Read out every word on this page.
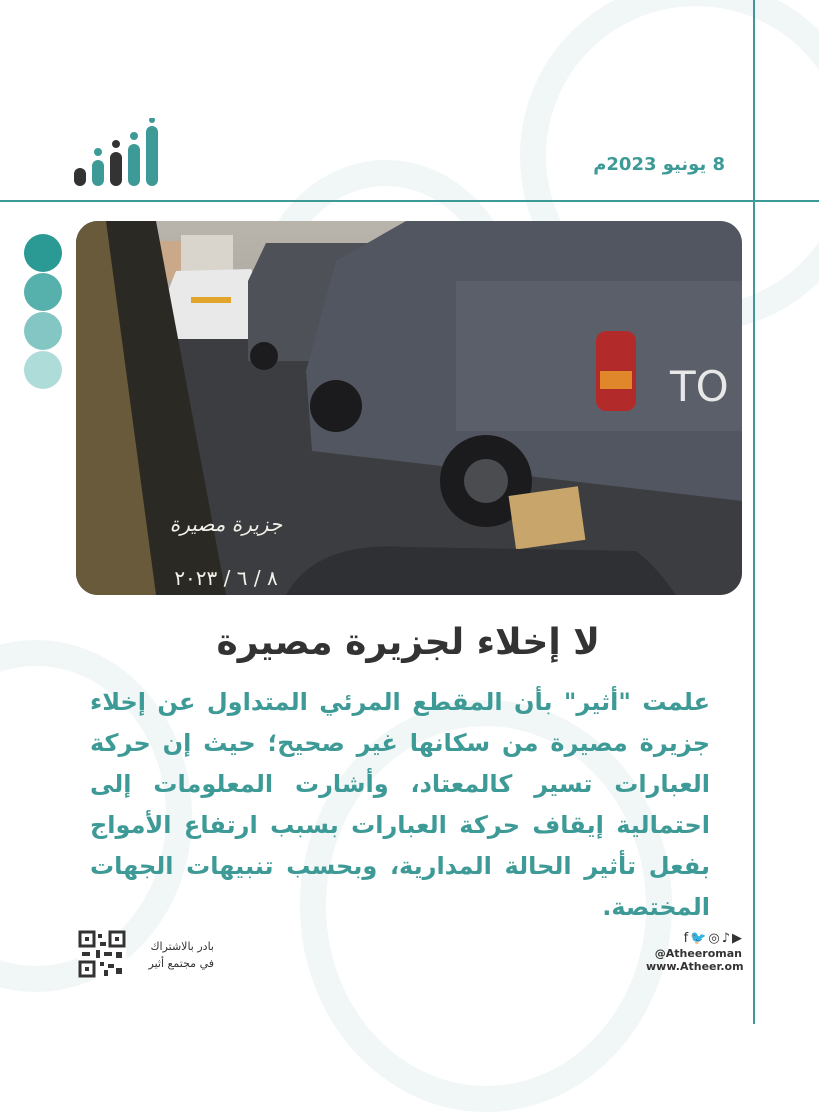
8 يونيو 2023م
TO
جزيرة مصيرة
٨ / ٦ / ٢٠٢٣
لا إخلاء لجزيرة مصيرة
علمت "أثير" بأن المقطع المرئي المتداول عن إخلاء جزيرة مصيرة من سكانها غير صحيح؛ حيث إن حركة العبارات تسير كالمعتاد، وأشارت المعلومات إلى احتمالية إيقاف حركة العبارات بسبب ارتفاع الأمواج بفعل تأثير الحالة المدارية، وبحسب تنبيهات الجهات المختصة.
f 🐦 ◎ ♪ ▶
@Atheeroman
www.Atheer.om
بادر بالاشتراك
في مجتمع أثير
